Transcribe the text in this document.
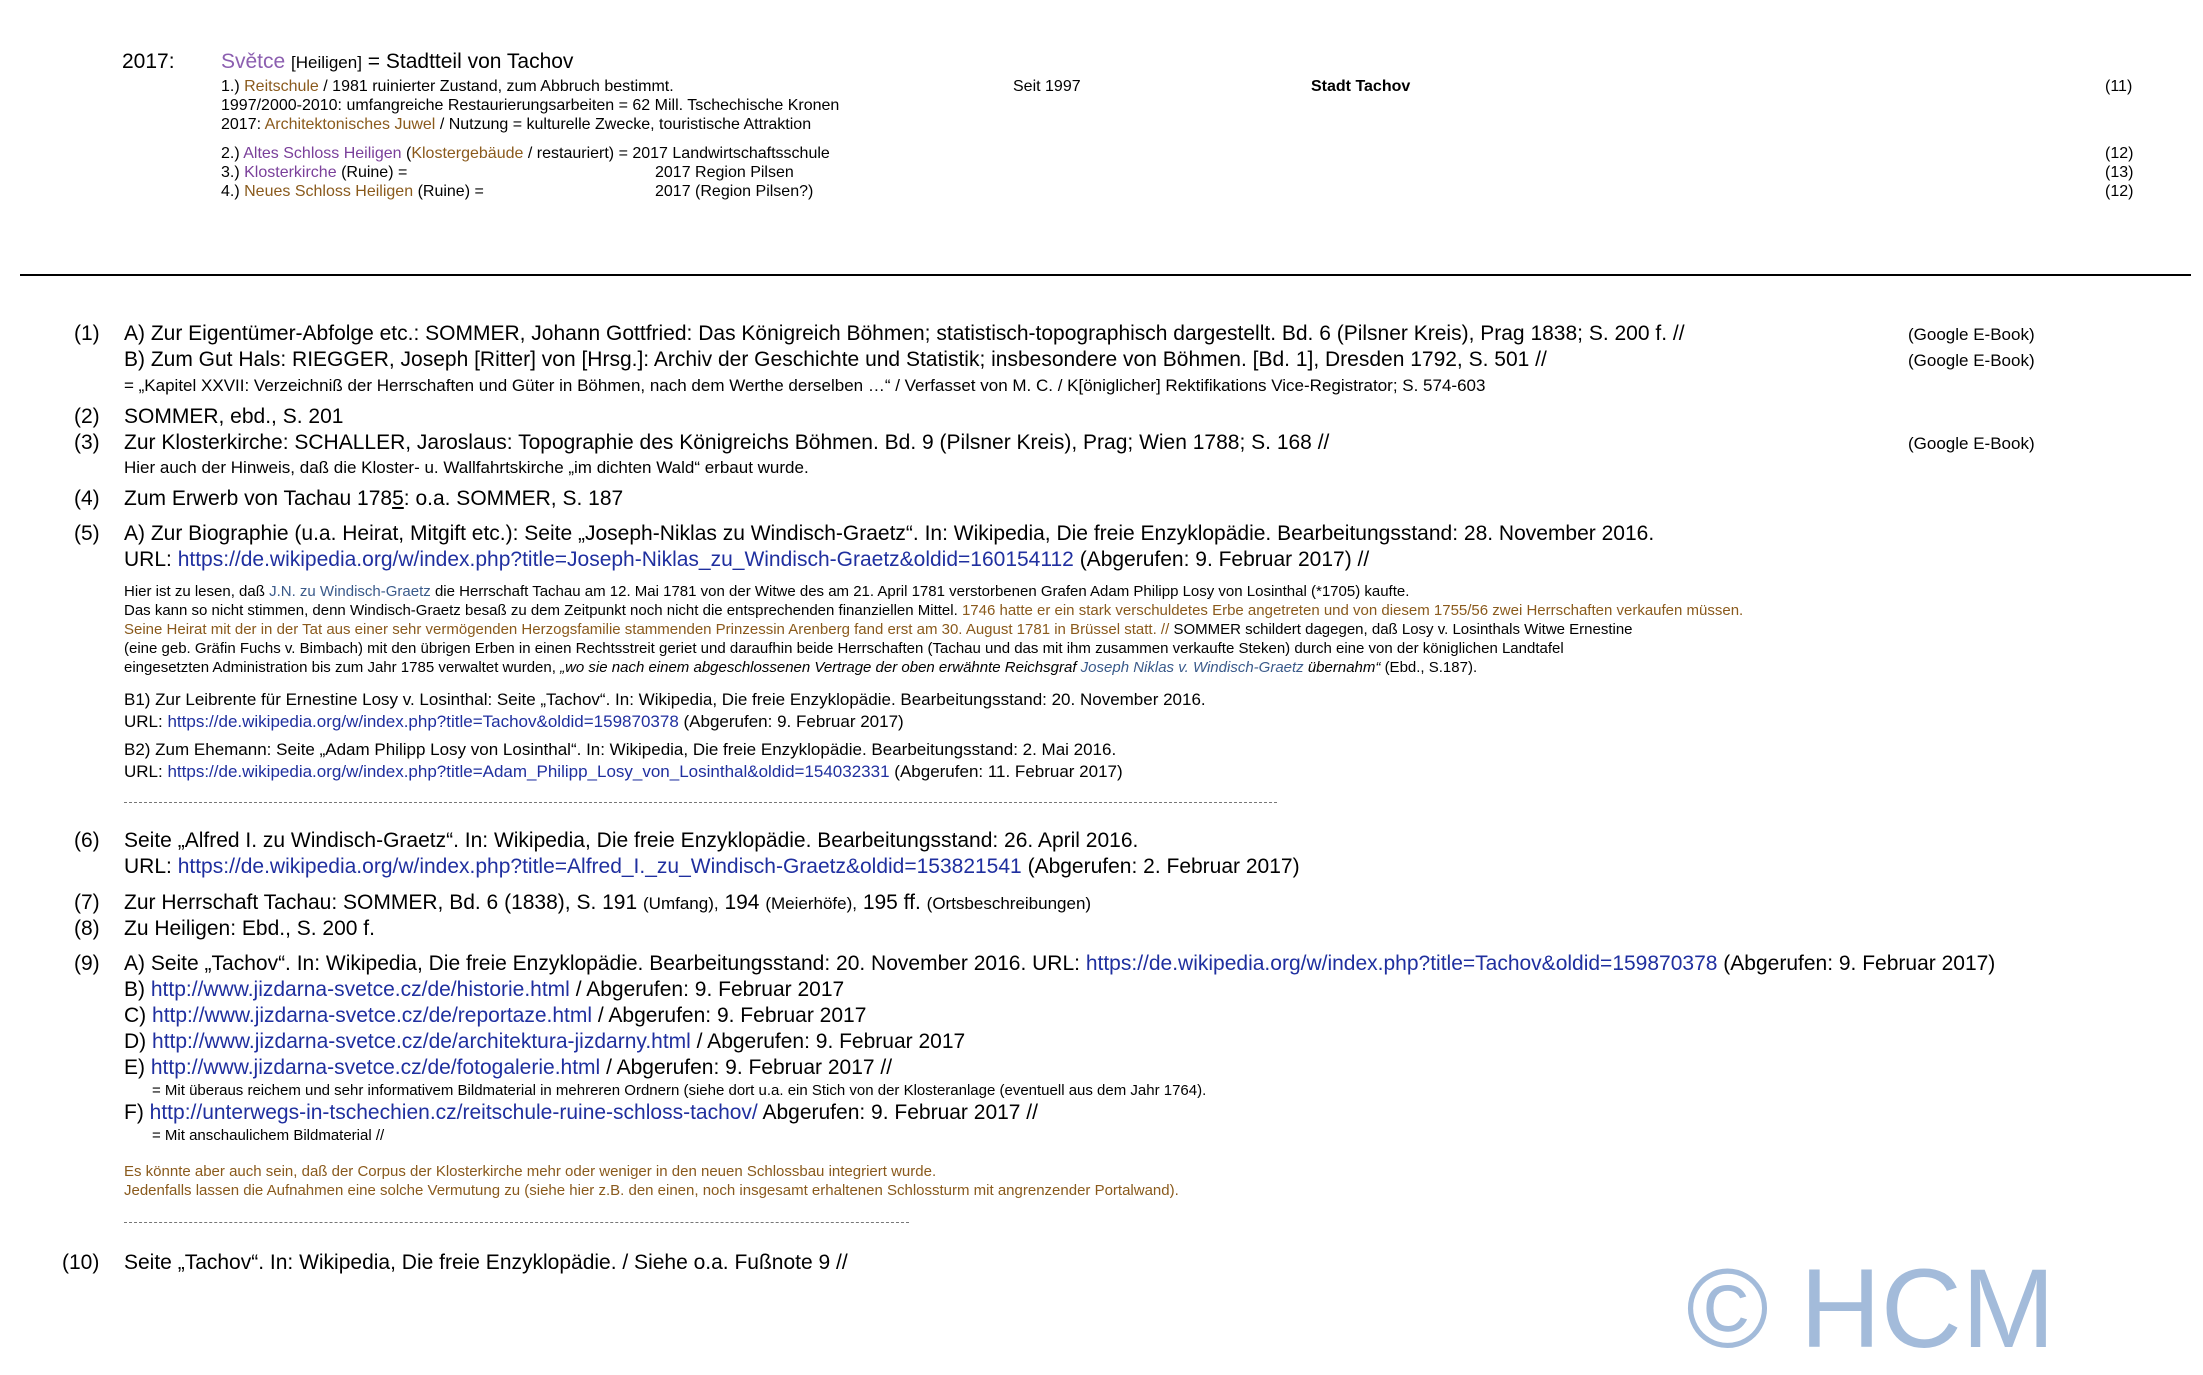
2017: Světce [Heiligen] = Stadtteil von Tachov
1.) Reitschule / 1981 ruinierter Zustand, zum Abbruch bestimmt.	Seit 1997	Stadt Tachov	(11)
1997/2000-2010: umfangreiche Restaurierungsarbeiten = 62 Mill. Tschechische Kronen
2017: Architektonisches Juwel / Nutzung = kulturelle Zwecke, touristische Attraktion
2.) Altes Schloss Heiligen (Klostergebäude / restauriert) = 2017 Landwirtschaftsschule	(12)
3.) Klosterkirche (Ruine) =	2017 Region Pilsen	(13)
4.) Neues Schloss Heiligen (Ruine) =	2017 (Region Pilsen?)	(12)
(1) A) Zur Eigentümer-Abfolge etc.: SOMMER, Johann Gottfried: Das Königreich Böhmen; statistisch-topographisch dargestellt. Bd. 6 (Pilsner Kreis), Prag 1838; S. 200 f. //	(Google E-Book)
B) Zum Gut Hals: RIEGGER, Joseph [Ritter] von [Hrsg.]: Archiv der Geschichte und Statistik; insbesondere von Böhmen. [Bd. 1], Dresden 1792, S. 501 //	(Google E-Book)
= „Kapitel XXVII: Verzeichniß der Herrschaften und Güter in Böhmen, nach dem Werthe derselben …“ / Verfasset von M. C. / K[öniglicher] Rektifikations Vice-Registrator; S. 574-603
(2) SOMMER, ebd., S. 201
(3) Zur Klosterkirche: SCHALLER, Jaroslaus: Topographie des Königreichs Böhmen. Bd. 9 (Pilsner Kreis), Prag; Wien 1788; S. 168 //	(Google E-Book)
Hier auch der Hinweis, daß die Kloster- u. Wallfahrtskirche „im dichten Wald“ erbaut wurde.
(4) Zum Erwerb von Tachau 1785: o.a. SOMMER, S. 187
(5) A) Zur Biographie (u.a. Heirat, Mitgift etc.): Seite „Joseph-Niklas zu Windisch-Graetz“. In: Wikipedia, Die freie Enzyklopädie. Bearbeitungsstand: 28. November 2016.
URL: https://de.wikipedia.org/w/index.php?title=Joseph-Niklas_zu_Windisch-Graetz&oldid=160154112 (Abgerufen: 9. Februar 2017) //
Hier ist zu lesen, daß J.N. zu Windisch-Graetz die Herrschaft Tachau am 12. Mai 1781 von der Witwe des am 21. April 1781 verstorbenen Grafen Adam Philipp Losy von Losinthal (*1705) kaufte.
Das kann so nicht stimmen, denn Windisch-Graetz besaß zu dem Zeitpunkt noch nicht die entsprechenden finanziellen Mittel. 1746 hatte er ein stark verschuldetes Erbe angetreten und von diesem 1755/56 zwei Herrschaften verkaufen müssen.
Seine Heirat mit der in der Tat aus einer sehr vermögenden Herzogsfamilie stammenden Prinzessin Arenberg fand erst am 30. August 1781 in Brüssel statt. // SOMMER schildert dagegen, daß Losy v. Losinthals Witwe Ernestine
(eine geb. Gräfin Fuchs v. Bimbach) mit den übrigen Erben in einen Rechtsstreit geriet und daraufhin beide Herrschaften (Tachau und das mit ihm zusammen verkaufte Steken) durch eine von der königlichen Landtafel
eingesetzten Administration bis zum Jahr 1785 verwaltet wurden, „wo sie nach einem abgeschlossenen Vertrage der oben erwähnte Reichsgraf Joseph Niklas v. Windisch-Graetz übernahm“ (Ebd., S.187).
B1) Zur Leibrente für Ernestine Losy v. Losinthal: Seite „Tachov“. In: Wikipedia, Die freie Enzyklopädie. Bearbeitungsstand: 20. November 2016.
URL: https://de.wikipedia.org/w/index.php?title=Tachov&oldid=159870378 (Abgerufen: 9. Februar 2017)
B2) Zum Ehemann: Seite „Adam Philipp Losy von Losinthal“. In: Wikipedia, Die freie Enzyklopädie. Bearbeitungsstand: 2. Mai 2016.
URL: https://de.wikipedia.org/w/index.php?title=Adam_Philipp_Losy_von_Losinthal&oldid=154032331 (Abgerufen: 11. Februar 2017)
(6) Seite „Alfred I. zu Windisch-Graetz“. In: Wikipedia, Die freie Enzyklopädie. Bearbeitungsstand: 26. April 2016.
URL: https://de.wikipedia.org/w/index.php?title=Alfred_I._zu_Windisch-Graetz&oldid=153821541 (Abgerufen: 2. Februar 2017)
(7) Zur Herrschaft Tachau: SOMMER, Bd. 6 (1838), S. 191 (Umfang), 194 (Meierhöfe), 195 ff. (Ortsbeschreibungen)
(8) Zu Heiligen: Ebd., S. 200 f.
(9) A) Seite „Tachov“. In: Wikipedia, Die freie Enzyklopädie. Bearbeitungsstand: 20. November 2016. URL: https://de.wikipedia.org/w/index.php?title=Tachov&oldid=159870378 (Abgerufen: 9. Februar 2017)
B) http://www.jizdarna-svetce.cz/de/historie.html / Abgerufen: 9. Februar 2017
C) http://www.jizdarna-svetce.cz/de/reportaze.html / Abgerufen: 9. Februar 2017
D) http://www.jizdarna-svetce.cz/de/architektura-jizdarny.html / Abgerufen: 9. Februar 2017
E) http://www.jizdarna-svetce.cz/de/fotogalerie.html / Abgerufen: 9. Februar 2017 //
= Mit überaus reichem und sehr informativem Bildmaterial in mehreren Ordnern (siehe dort u.a. ein Stich von der Klosteranlage (eventuell aus dem Jahr 1764).
F) http://unterwegs-in-tschechien.cz/reitschule-ruine-schloss-tachov/ Abgerufen: 9. Februar 2017 //
= Mit anschaulichem Bildmaterial //
Es könnte aber auch sein, daß der Corpus der Klosterkirche mehr oder weniger in den neuen Schlossbau integriert wurde.
Jedenfalls lassen die Aufnahmen eine solche Vermutung zu (siehe hier z.B. den einen, noch insgesamt erhaltenen Schlossturm mit angrenzender Portalwand).
(10) Seite „Tachov“. In: Wikipedia, Die freie Enzyklopädie. / Siehe o.a. Fußnote 9 //	© HCM
